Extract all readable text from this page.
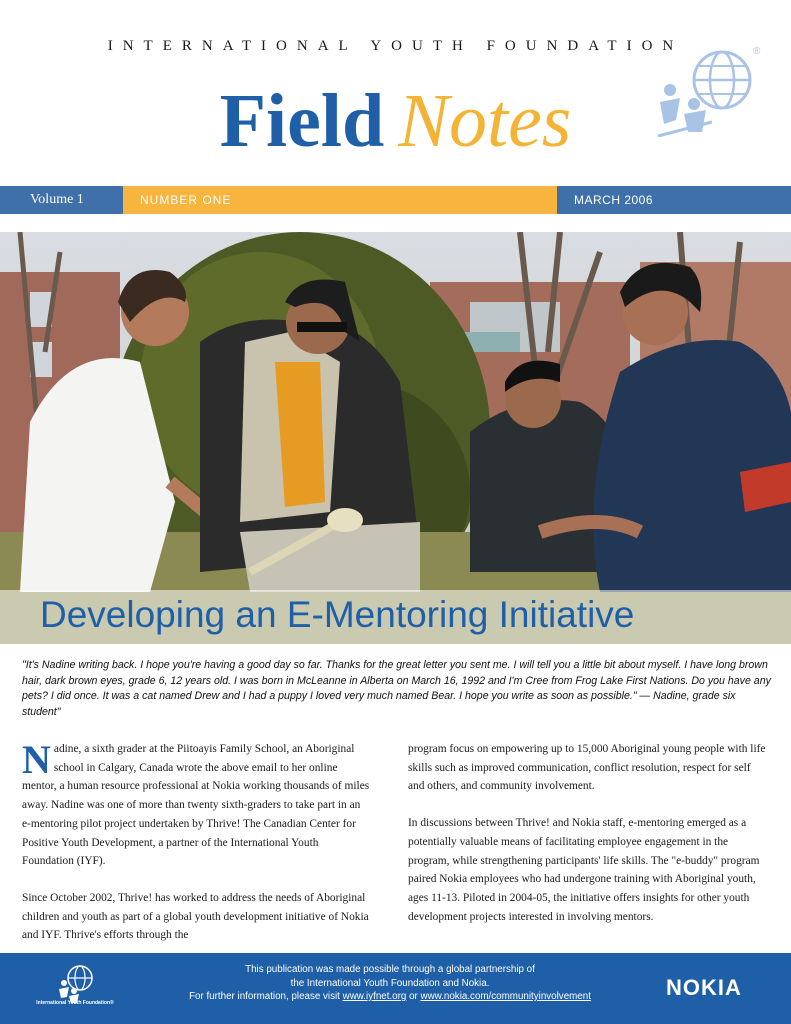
INTERNATIONAL YOUTH FOUNDATION
Field Notes
®
Volume 1	NUMBER ONE	MARCH 2006
Developing an E-Mentoring Initiative
"It's Nadine writing back. I hope you're having a good day so far. Thanks for the great letter you sent me. I will tell you a little bit about myself. I have long brown hair, dark brown eyes, grade 6, 12 years old. I was born in McLeanne in Alberta on March 16, 1992 and I'm Cree from Frog Lake First Nations. Do you have any pets? I did once. It was a cat named Drew and I had a puppy I loved very much named Bear. I hope you write as soon as possible." — Nadine, grade six student"

Nadine, a sixth grader at the Piitoayis Family School, an Aboriginal school in Calgary, Canada wrote the above email to her online mentor, a human resource professional at Nokia working thousands of miles away. Nadine was one of more than twenty sixth-graders to take part in an e-mentoring pilot project undertaken by Thrive! The Canadian Center for Positive Youth Development, a partner of the International Youth Foundation (IYF).

Since October 2002, Thrive! has worked to address the needs of Aboriginal children and youth as part of a global youth development initiative of Nokia and IYF. Thrive's efforts through the

program focus on empowering up to 15,000 Aboriginal young people with life skills such as improved communication, conflict resolution, respect for self and others, and community involvement.

In discussions between Thrive! and Nokia staff, e-mentoring emerged as a potentially valuable means of facilitating employee engagement in the program, while strengthening participants' life skills. The "e-buddy" program paired Nokia employees who had undergone training with Aboriginal youth, ages 11-13. Piloted in 2004-05, the initiative offers insights for other youth development projects interested in involving mentors.

International Youth Foundation®
This publication was made possible through a global partnership of
the International Youth Foundation and Nokia.
For further information, please visit www.iyfnet.org or www.nokia.com/communityinvolvement	NOKIA
